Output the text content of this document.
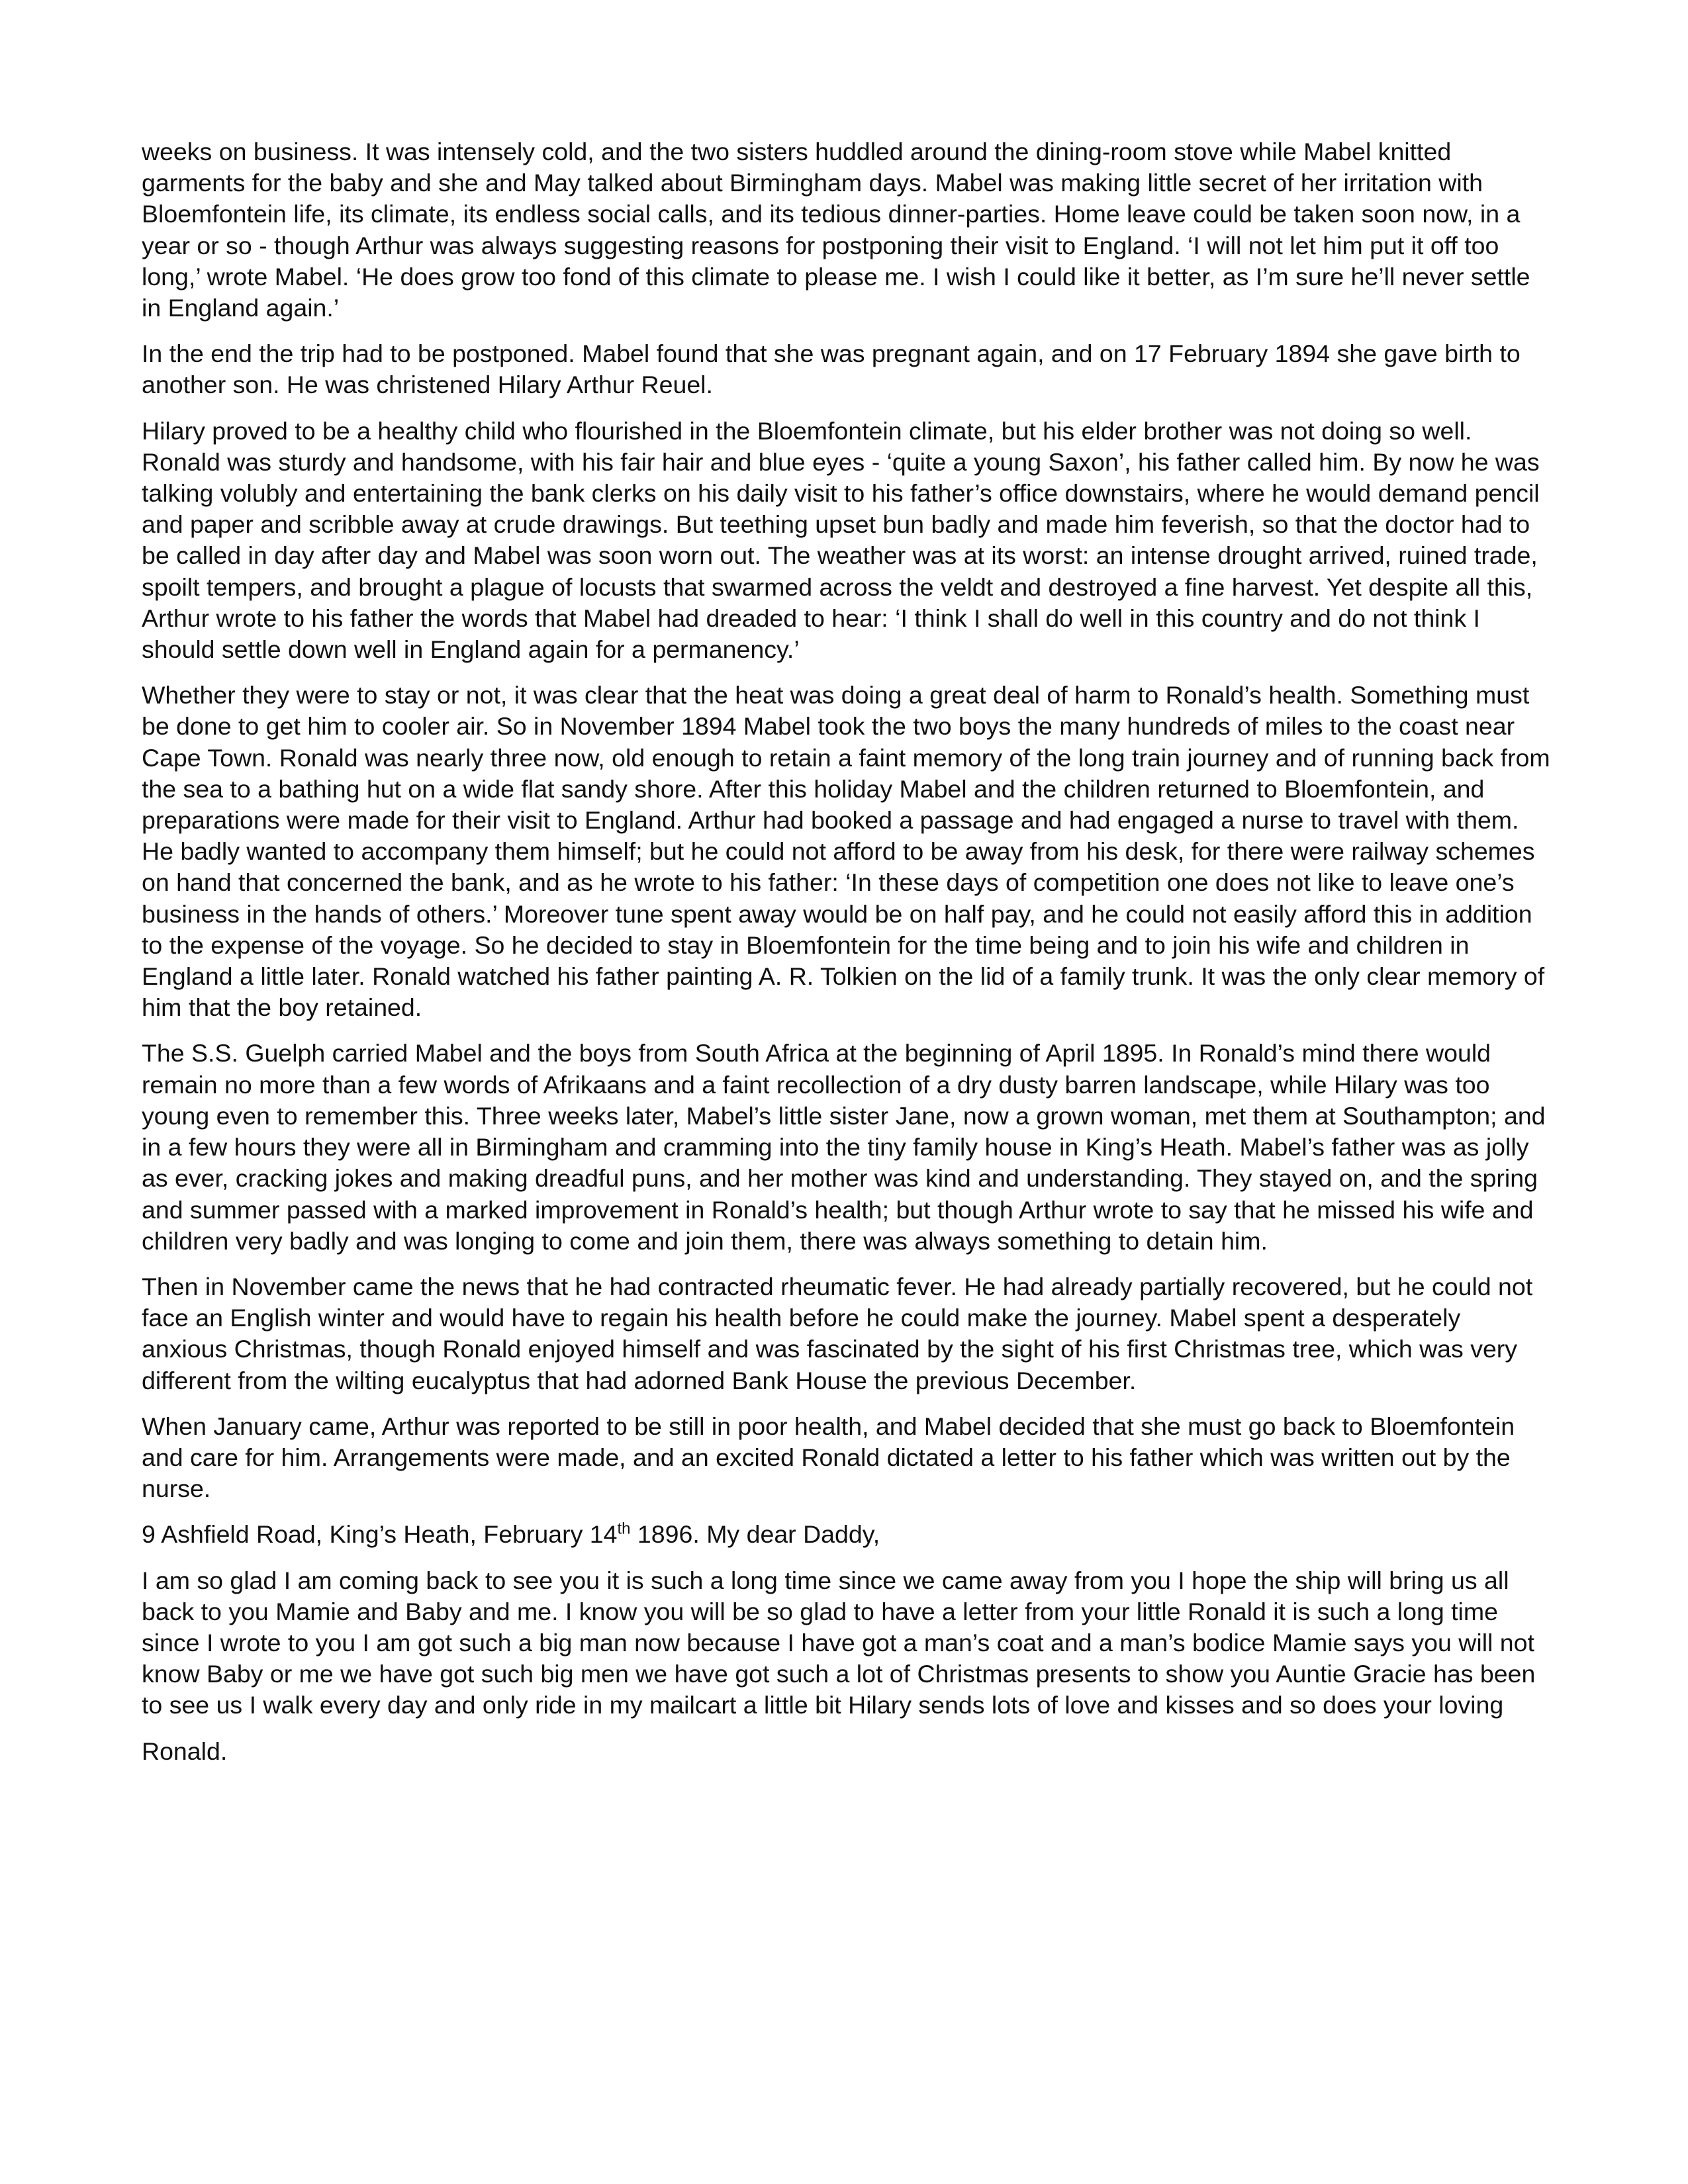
weeks on business. It was intensely cold, and the two sisters huddled around the dining-room stove while Mabel knitted garments for the baby and she and May talked about Birmingham days. Mabel was making little secret of her irritation with Bloemfontein life, its climate, its endless social calls, and its tedious dinner-parties. Home leave could be taken soon now, in a year or so - though Arthur was always suggesting reasons for postponing their visit to England. ‘I will not let him put it off too long,’ wrote Mabel. ‘He does grow too fond of this climate to please me. I wish I could like it better, as I’m sure he’ll never settle in England again.’

In the end the trip had to be postponed. Mabel found that she was pregnant again, and on 17 February 1894 she gave birth to another son. He was christened Hilary Arthur Reuel.

Hilary proved to be a healthy child who flourished in the Bloemfontein climate, but his elder brother was not doing so well. Ronald was sturdy and handsome, with his fair hair and blue eyes - ‘quite a young Saxon’, his father called him. By now he was talking volubly and entertaining the bank clerks on his daily visit to his father’s office downstairs, where he would demand pencil and paper and scribble away at crude drawings. But teething upset bun badly and made him feverish, so that the doctor had to be called in day after day and Mabel was soon worn out. The weather was at its worst: an intense drought arrived, ruined trade, spoilt tempers, and brought a plague of locusts that swarmed across the veldt and destroyed a fine harvest. Yet despite all this, Arthur wrote to his father the words that Mabel had dreaded to hear: ‘I think I shall do well in this country and do not think I should settle down well in England again for a permanency.’

Whether they were to stay or not, it was clear that the heat was doing a great deal of harm to Ronald’s health. Something must be done to get him to cooler air. So in November 1894 Mabel took the two boys the many hundreds of miles to the coast near Cape Town. Ronald was nearly three now, old enough to retain a faint memory of the long train journey and of running back from the sea to a bathing hut on a wide flat sandy shore. After this holiday Mabel and the children returned to Bloemfontein, and preparations were made for their visit to England. Arthur had booked a passage and had engaged a nurse to travel with them. He badly wanted to accompany them himself; but he could not afford to be away from his desk, for there were railway schemes on hand that concerned the bank, and as he wrote to his father: ‘In these days of competition one does not like to leave one’s business in the hands of others.’ Moreover tune spent away would be on half pay, and he could not easily afford this in addition to the expense of the voyage. So he decided to stay in Bloemfontein for the time being and to join his wife and children in England a little later. Ronald watched his father painting A. R. Tolkien on the lid of a family trunk. It was the only clear memory of him that the boy retained.

The S.S. Guelph carried Mabel and the boys from South Africa at the beginning of April 1895. In Ronald’s mind there would remain no more than a few words of Afrikaans and a faint recollection of a dry dusty barren landscape, while Hilary was too young even to remember this. Three weeks later, Mabel’s little sister Jane, now a grown woman, met them at Southampton; and in a few hours they were all in Birmingham and cramming into the tiny family house in King’s Heath. Mabel’s father was as jolly as ever, cracking jokes and making dreadful puns, and her mother was kind and understanding. They stayed on, and the spring and summer passed with a marked improvement in Ronald’s health; but though Arthur wrote to say that he missed his wife and children very badly and was longing to come and join them, there was always something to detain him.

Then in November came the news that he had contracted rheumatic fever. He had already partially recovered, but he could not face an English winter and would have to regain his health before he could make the journey. Mabel spent a desperately anxious Christmas, though Ronald enjoyed himself and was fascinated by the sight of his first Christmas tree, which was very different from the wilting eucalyptus that had adorned Bank House the previous December.

When January came, Arthur was reported to be still in poor health, and Mabel decided that she must go back to Bloemfontein and care for him. Arrangements were made, and an excited Ronald dictated a letter to his father which was written out by the nurse.

9 Ashfield Road, King’s Heath, February 14th 1896. My dear Daddy,

I am so glad I am coming back to see you it is such a long time since we came away from you I hope the ship will bring us all back to you Mamie and Baby and me. I know you will be so glad to have a letter from your little Ronald it is such a long time since I wrote to you I am got such a big man now because I have got a man’s coat and a man’s bodice Mamie says you will not know Baby or me we have got such big men we have got such a lot of Christmas presents to show you Auntie Gracie has been to see us I walk every day and only ride in my mailcart a little bit Hilary sends lots of love and kisses and so does your loving

Ronald.
